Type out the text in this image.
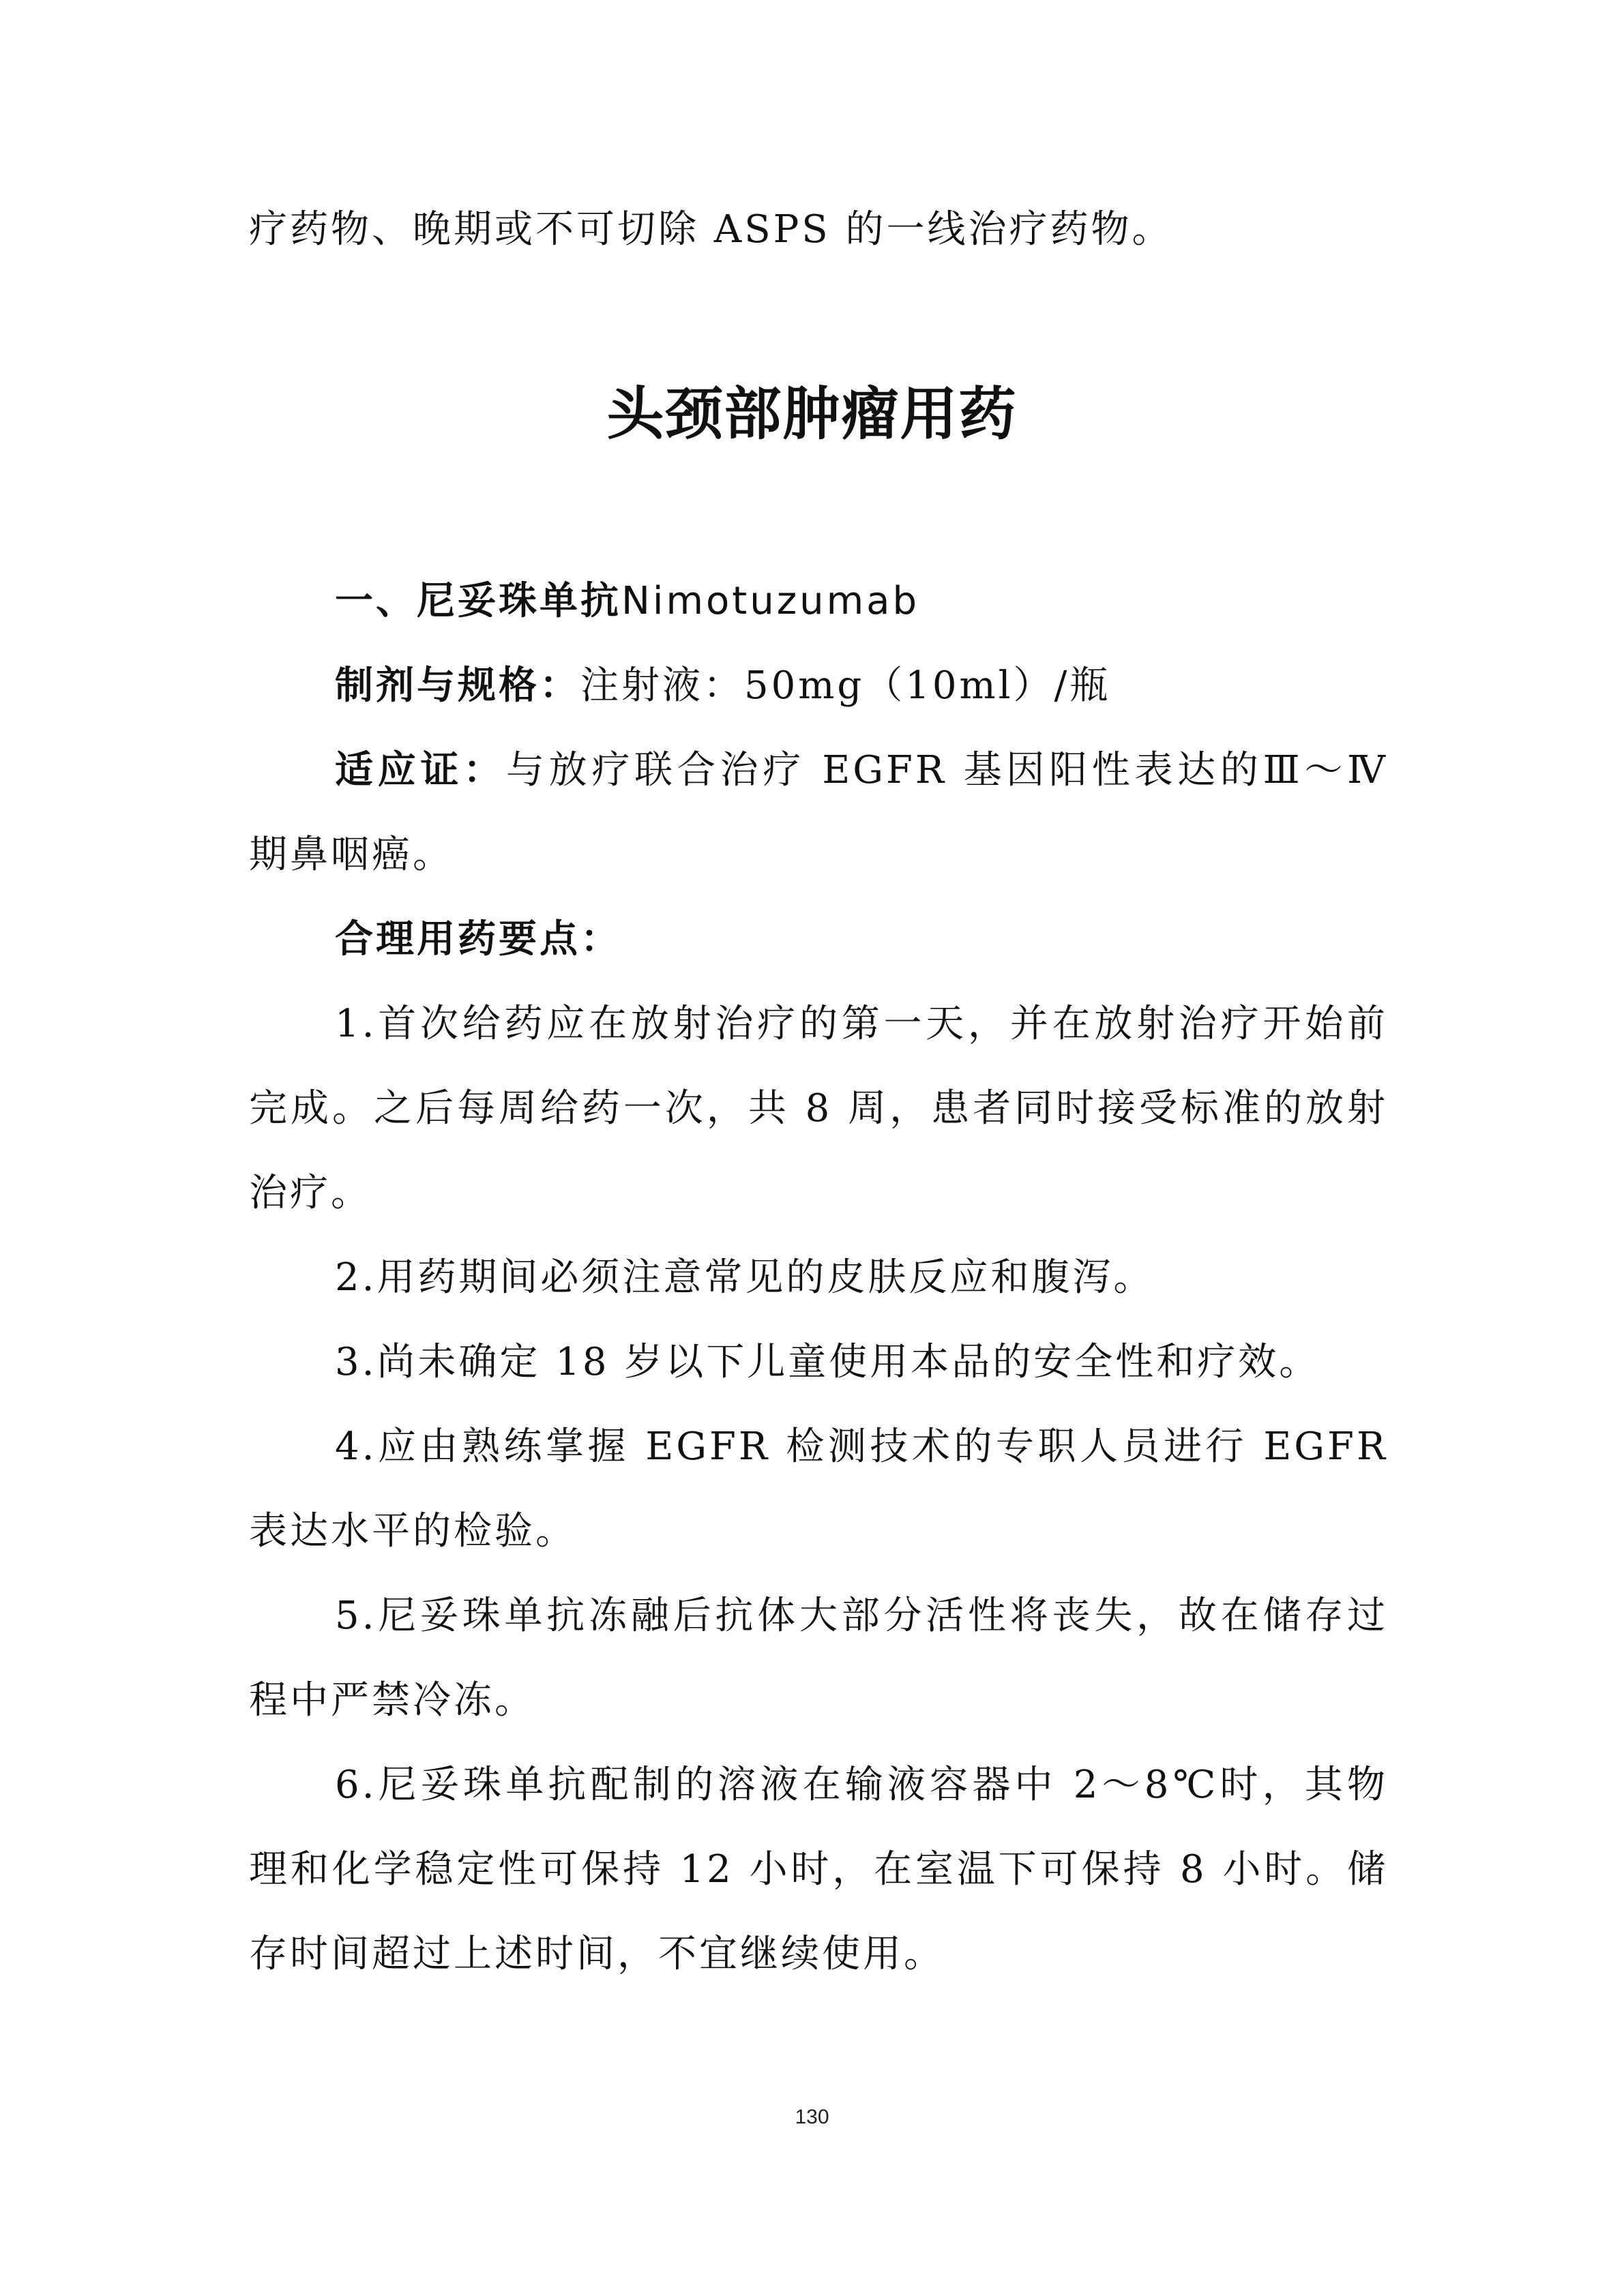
疗药物、晚期或不可切除 ASPS 的一线治疗药物。
头颈部肿瘤用药

一、尼妥珠单抗Nimotuzumab

制剂与规格：注射液：50mg（10ml）/瓶

适应证：与放疗联合治疗 EGFR 基因阳性表达的Ⅲ～Ⅳ期鼻咽癌。

合理用药要点：

1.首次给药应在放射治疗的第一天，并在放射治疗开始前完成。之后每周给药一次，共 8 周，患者同时接受标准的放射治疗。

2.用药期间必须注意常见的皮肤反应和腹泻。

3.尚未确定 18 岁以下儿童使用本品的安全性和疗效。

4.应由熟练掌握 EGFR 检测技术的专职人员进行 EGFR 表达水平的检验。

5.尼妥珠单抗冻融后抗体大部分活性将丧失，故在储存过程中严禁冷冻。

6.尼妥珠单抗配制的溶液在输液容器中 2～8℃时，其物理和化学稳定性可保持 12 小时，在室温下可保持 8 小时。储存时间超过上述时间，不宜继续使用。

130
